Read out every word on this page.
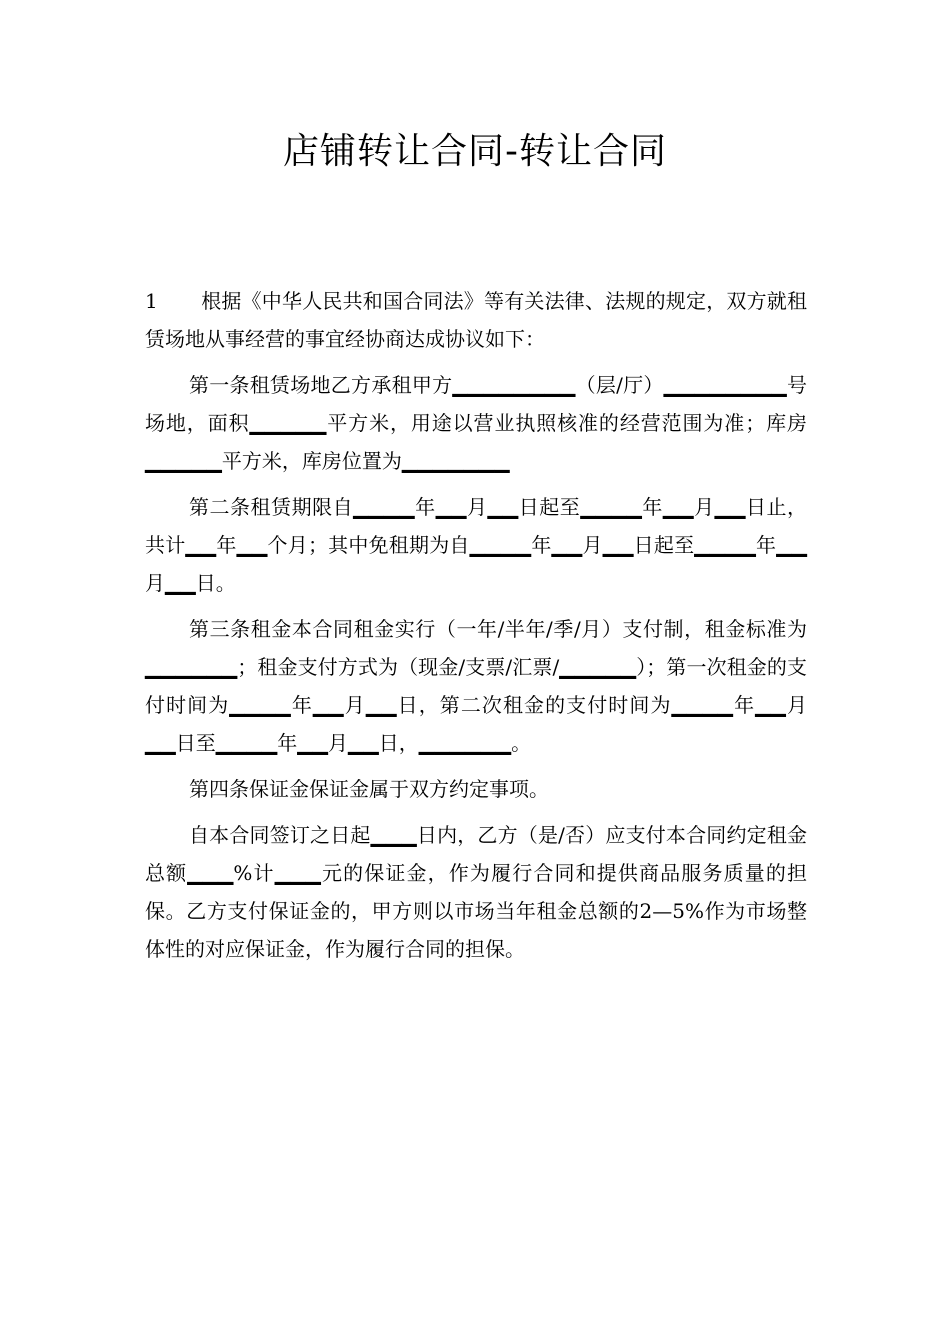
店铺转让合同-转让合同

1 根据《中华人民共和国合同法》等有关法律、法规的规定，双方就租赁场地从事经营的事宜经协商达成协议如下：

第一条租赁场地乙方承租甲方▁▁▁▁▁▁▁▁（层/厅）▁▁▁▁▁▁▁▁号场地，面积▁▁▁▁▁平方米，用途以营业执照核准的经营范围为准；库房▁▁▁▁▁平方米，库房位置为▁▁▁▁▁▁▁

第二条租赁期限自▁▁▁▁年▁▁月▁▁日起至▁▁▁▁年▁▁月▁▁日止，共计▁▁年▁▁个月；其中免租期为自▁▁▁▁年▁▁月▁▁日起至▁▁▁▁年▁▁月▁▁日。

第三条租金本合同租金实行（一年/半年/季/月）支付制，租金标准为▁▁▁▁▁▁；租金支付方式为（现金/支票/汇票/▁▁▁▁▁）；第一次租金的支付时间为▁▁▁▁年▁▁月▁▁日，第二次租金的支付时间为▁▁▁▁年▁▁月▁▁日至▁▁▁▁年▁▁月▁▁日，▁▁▁▁▁▁。

第四条保证金保证金属于双方约定事项。

自本合同签订之日起▁▁▁日内，乙方（是/否）应支付本合同约定租金总额▁▁▁%计▁▁▁元的保证金，作为履行合同和提供商品服务质量的担保。乙方支付保证金的，甲方则以市场当年租金总额的2—5%作为市场整体性的对应保证金，作为履行合同的担保。
